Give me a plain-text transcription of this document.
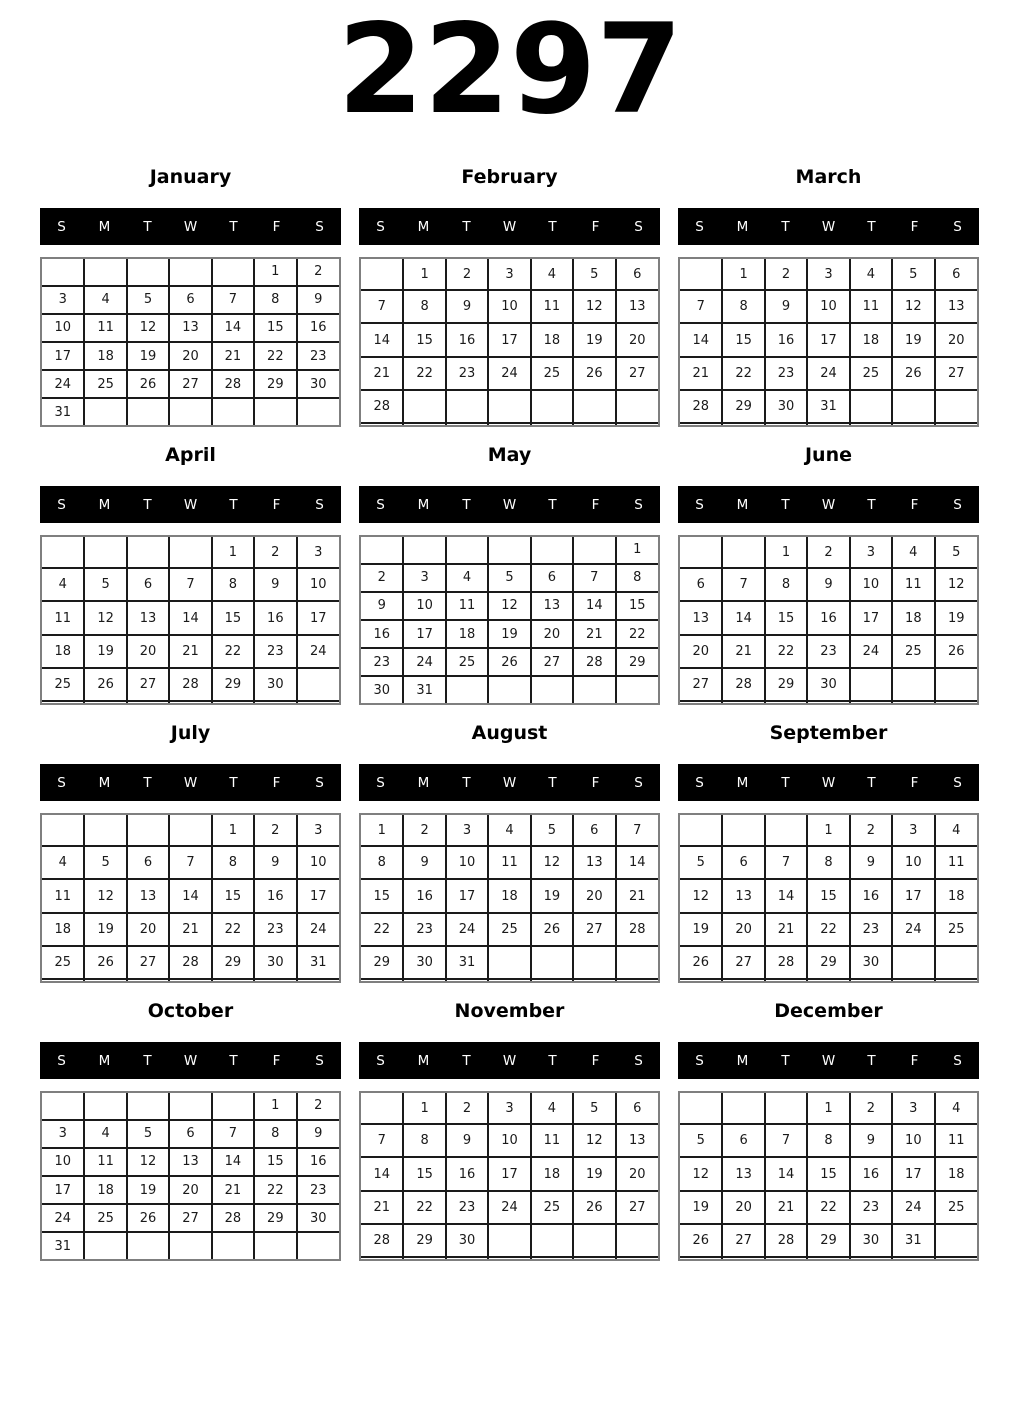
2297
January
S M T W T	F	S
					1	2
3	4	5	6	7	8	9
10	11	12	13	14	15	16
17	18	19	20	21	22	23
24	25	26	27	28	29	30
31						
February
S M T W T	F	S
	1	2	3	4	5	6
7	8	9	10	11	12	13
14	15	16	17	18	19	20
21	22	23	24	25	26	27
28						

March
S M T W T	F	S
	1	2	3	4	5	6
7	8	9	10	11	12	13
14	15	16	17	18	19	20
21	22	23	24	25	26	27
28	29	30	31			

April
S M T W T	F	S
				1	2	3
4	5	6	7	8	9	10
11	12	13	14	15	16	17
18	19	20	21	22	23	24
25	26	27	28	29	30	

May
S M T W T	F	S
						1
2	3	4	5	6	7	8
9	10	11	12	13	14	15
16	17	18	19	20	21	22
23	24	25	26	27	28	29
30	31					
June
S M T W T	F	S
		1	2	3	4	5
6	7	8	9	10	11	12
13	14	15	16	17	18	19
20	21	22	23	24	25	26
27	28	29	30			

July
S M T W T	F	S
				1	2	3
4	5	6	7	8	9	10
11	12	13	14	15	16	17
18	19	20	21	22	23	24
25	26	27	28	29	30	31

August
S M T W T	F	S
1	2	3	4	5	6	7
8	9	10	11	12	13	14
15	16	17	18	19	20	21
22	23	24	25	26	27	28
29	30	31				

September
S M T W T	F	S
			1	2	3	4
5	6	7	8	9	10	11
12	13	14	15	16	17	18
19	20	21	22	23	24	25
26	27	28	29	30		

October
S M T W T	F	S
					1	2
3	4	5	6	7	8	9
10	11	12	13	14	15	16
17	18	19	20	21	22	23
24	25	26	27	28	29	30
31						
November
S M T W T	F	S
	1	2	3	4	5	6
7	8	9	10	11	12	13
14	15	16	17	18	19	20
21	22	23	24	25	26	27
28	29	30				

December
S M T W T	F	S
			1	2	3	4
5	6	7	8	9	10	11
12	13	14	15	16	17	18
19	20	21	22	23	24	25
26	27	28	29	30	31	
